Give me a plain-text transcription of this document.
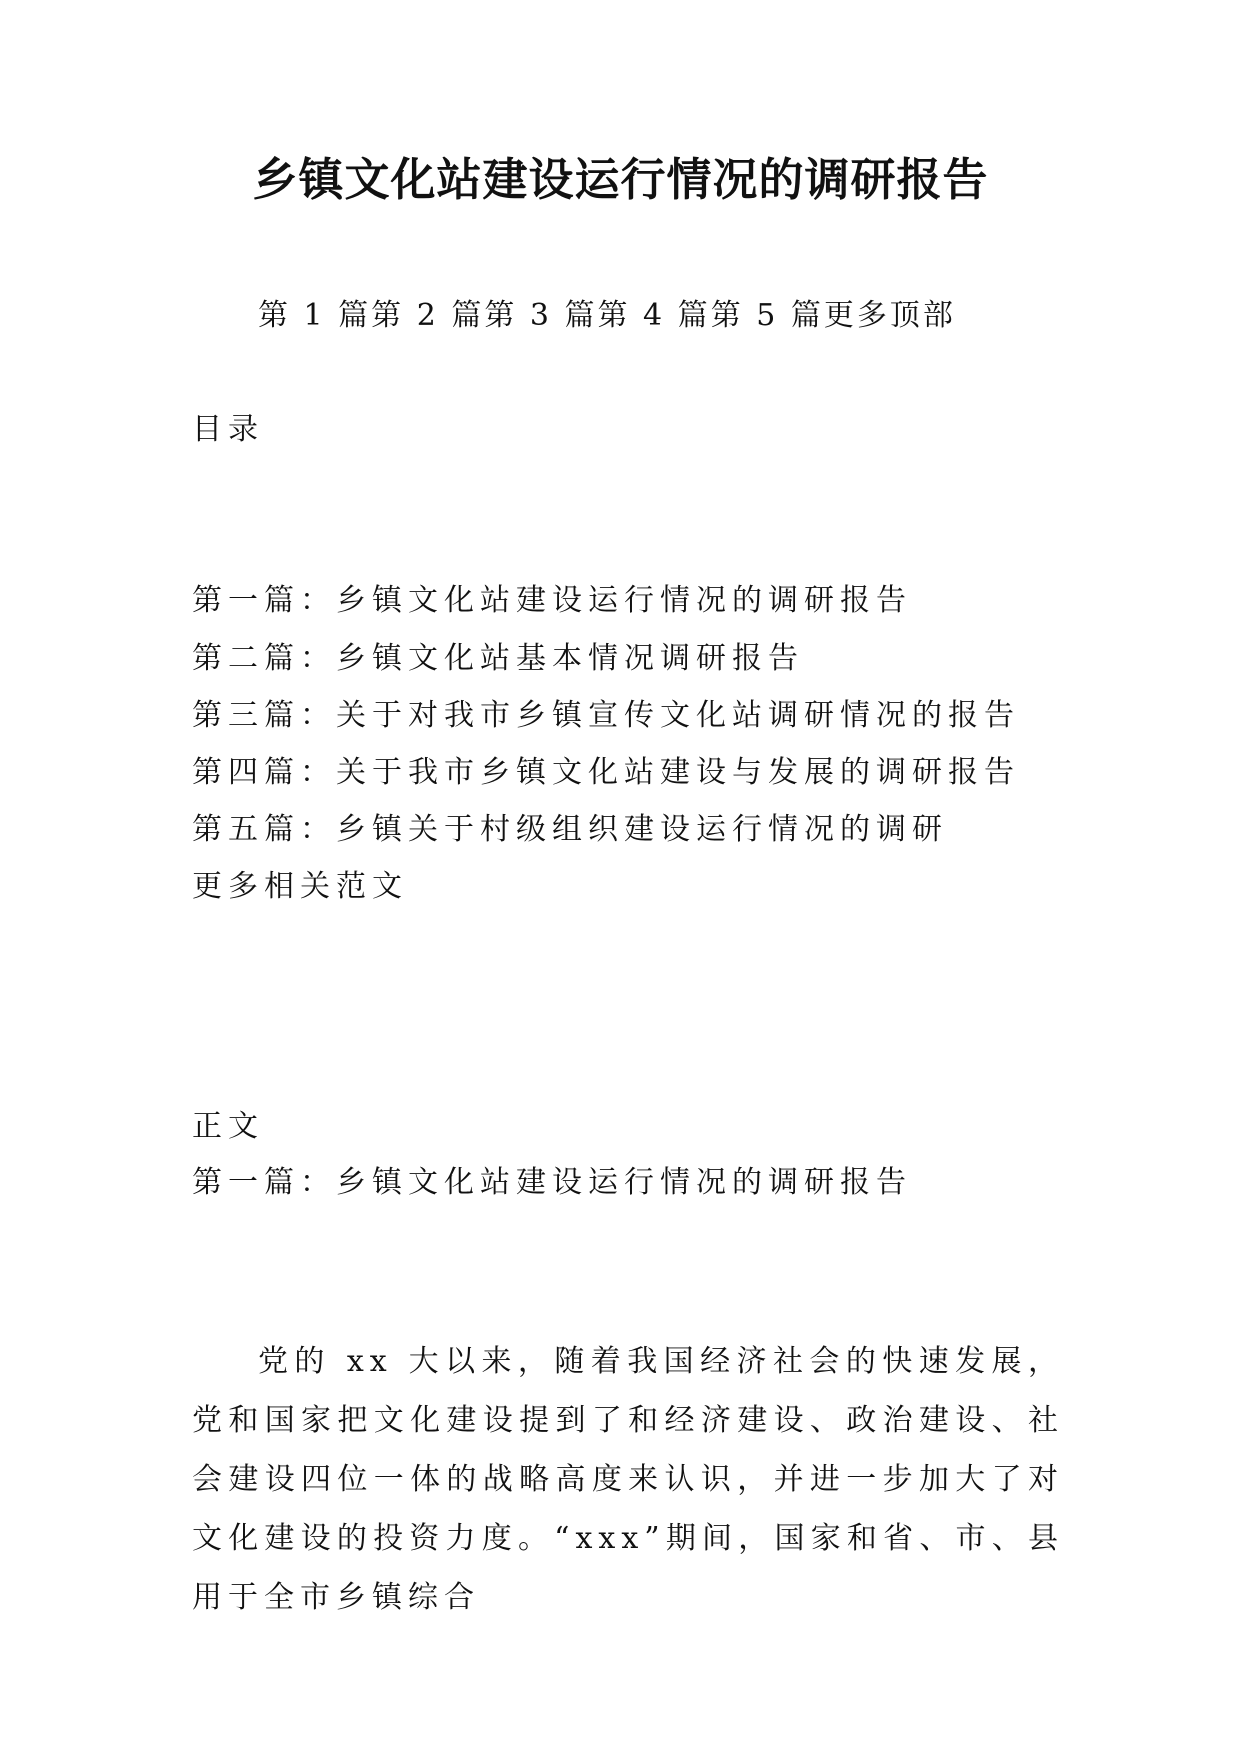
乡镇文化站建设运行情况的调研报告
第 1 篇第 2 篇第 3 篇第 4 篇第 5 篇更多顶部
目录
第一篇：乡镇文化站建设运行情况的调研报告
第二篇：乡镇文化站基本情况调研报告
第三篇：关于对我市乡镇宣传文化站调研情况的报告
第四篇：关于我市乡镇文化站建设与发展的调研报告
第五篇：乡镇关于村级组织建设运行情况的调研
更多相关范文
正文
第一篇：乡镇文化站建设运行情况的调研报告

党的 xx 大以来，随着我国经济社会的快速发展，党和国家把文化建设提到了和经济建设、政治建设、社会建设四位一体的战略高度来认识，并进一步加大了对文化建设的投资力度。“xxx”期间，国家和省、市、县用于全市乡镇综合
